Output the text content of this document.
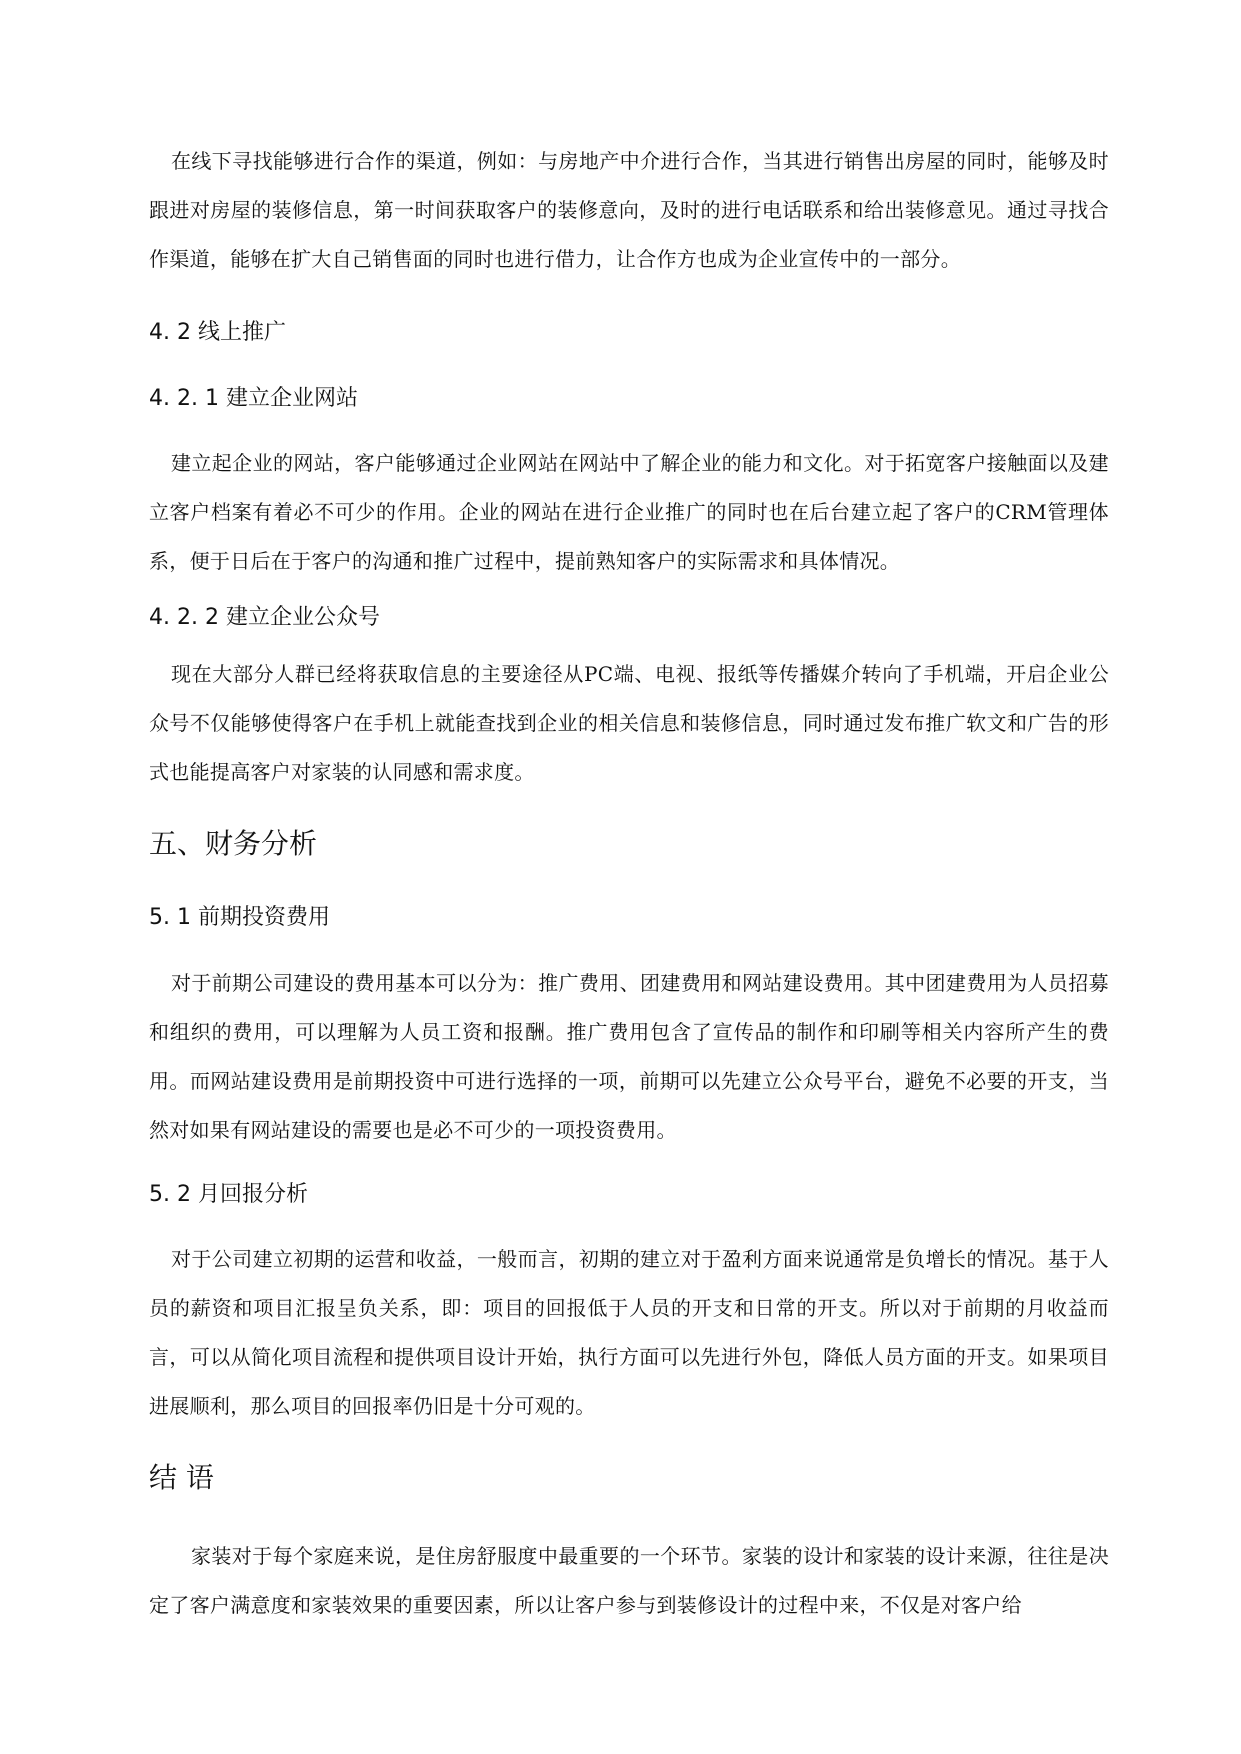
在线下寻找能够进行合作的渠道，例如：与房地产中介进行合作，当其进行销售出房屋的同时，能够及时跟进对房屋的装修信息，第一时间获取客户的装修意向，及时的进行电话联系和给出装修意见。通过寻找合作渠道，能够在扩大自己销售面的同时也进行借力，让合作方也成为企业宣传中的一部分。

4. 2 线上推广
4. 2. 1 建立企业网站

建立起企业的网站，客户能够通过企业网站在网站中了解企业的能力和文化。对于拓宽客户接触面以及建立客户档案有着必不可少的作用。企业的网站在进行企业推广的同时也在后台建立起了客户的CRM管理体系，便于日后在于客户的沟通和推广过程中，提前熟知客户的实际需求和具体情况。

4. 2. 2 建立企业公众号

现在大部分人群已经将获取信息的主要途径从PC端、电视、报纸等传播媒介转向了手机端，开启企业公众号不仅能够使得客户在手机上就能查找到企业的相关信息和装修信息，同时通过发布推广软文和广告的形式也能提高客户对家装的认同感和需求度。

五、财务分析
5. 1 前期投资费用

对于前期公司建设的费用基本可以分为：推广费用、团建费用和网站建设费用。其中团建费用为人员招募和组织的费用，可以理解为人员工资和报酬。推广费用包含了宣传品的制作和印刷等相关内容所产生的费用。而网站建设费用是前期投资中可进行选择的一项，前期可以先建立公众号平台，避免不必要的开支，当然对如果有网站建设的需要也是必不可少的一项投资费用。

5. 2 月回报分析

对于公司建立初期的运营和收益，一般而言，初期的建立对于盈利方面来说通常是负增长的情况。基于人员的薪资和项目汇报呈负关系，即：项目的回报低于人员的开支和日常的开支。所以对于前期的月收益而言，可以从简化项目流程和提供项目设计开始，执行方面可以先进行外包，降低人员方面的开支。如果项目进展顺利，那么项目的回报率仍旧是十分可观的。

结 语

家装对于每个家庭来说，是住房舒服度中最重要的一个环节。家装的设计和家装的设计来源，往往是决定了客户满意度和家装效果的重要因素，所以让客户参与到装修设计的过程中来，不仅是对客户给
